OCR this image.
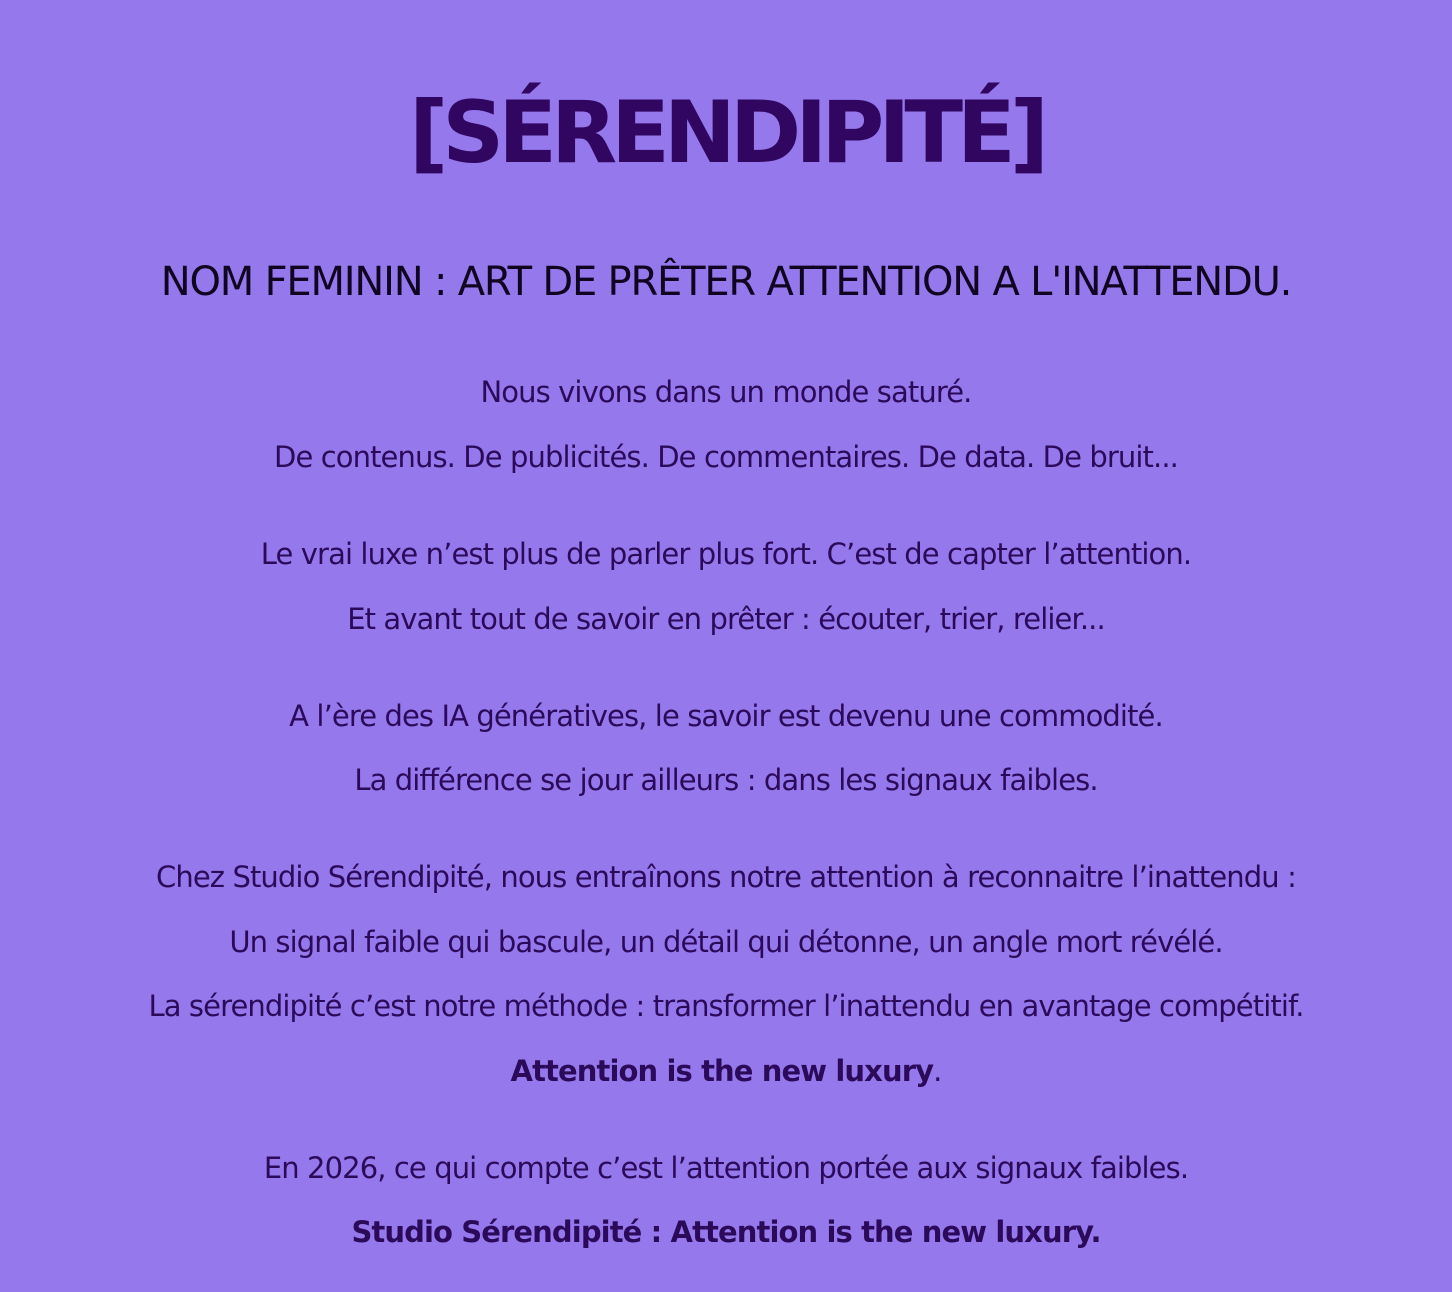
[SÉRENDIPITÉ]
NOM FEMININ : ART DE PRÊTER ATTENTION A L'INATTENDU.
Nous vivons dans un monde saturé.
De contenus. De publicités. De commentaires. De data. De bruit...
Le vrai luxe n’est plus de parler plus fort. C’est de capter l’attention.
Et avant tout de savoir en prêter : écouter, trier, relier...
A l’ère des IA génératives, le savoir est devenu une commodité.
La différence se jour ailleurs : dans les signaux faibles.
Chez Studio Sérendipité, nous entraînons notre attention à reconnaitre l’inattendu :
Un signal faible qui bascule, un détail qui détonne, un angle mort révélé.
La sérendipité c’est notre méthode : transformer l’inattendu en avantage compétitif.
Attention is the new luxury.
En 2026, ce qui compte c’est l’attention portée aux signaux faibles.
Studio Sérendipité : Attention is the new luxury.
